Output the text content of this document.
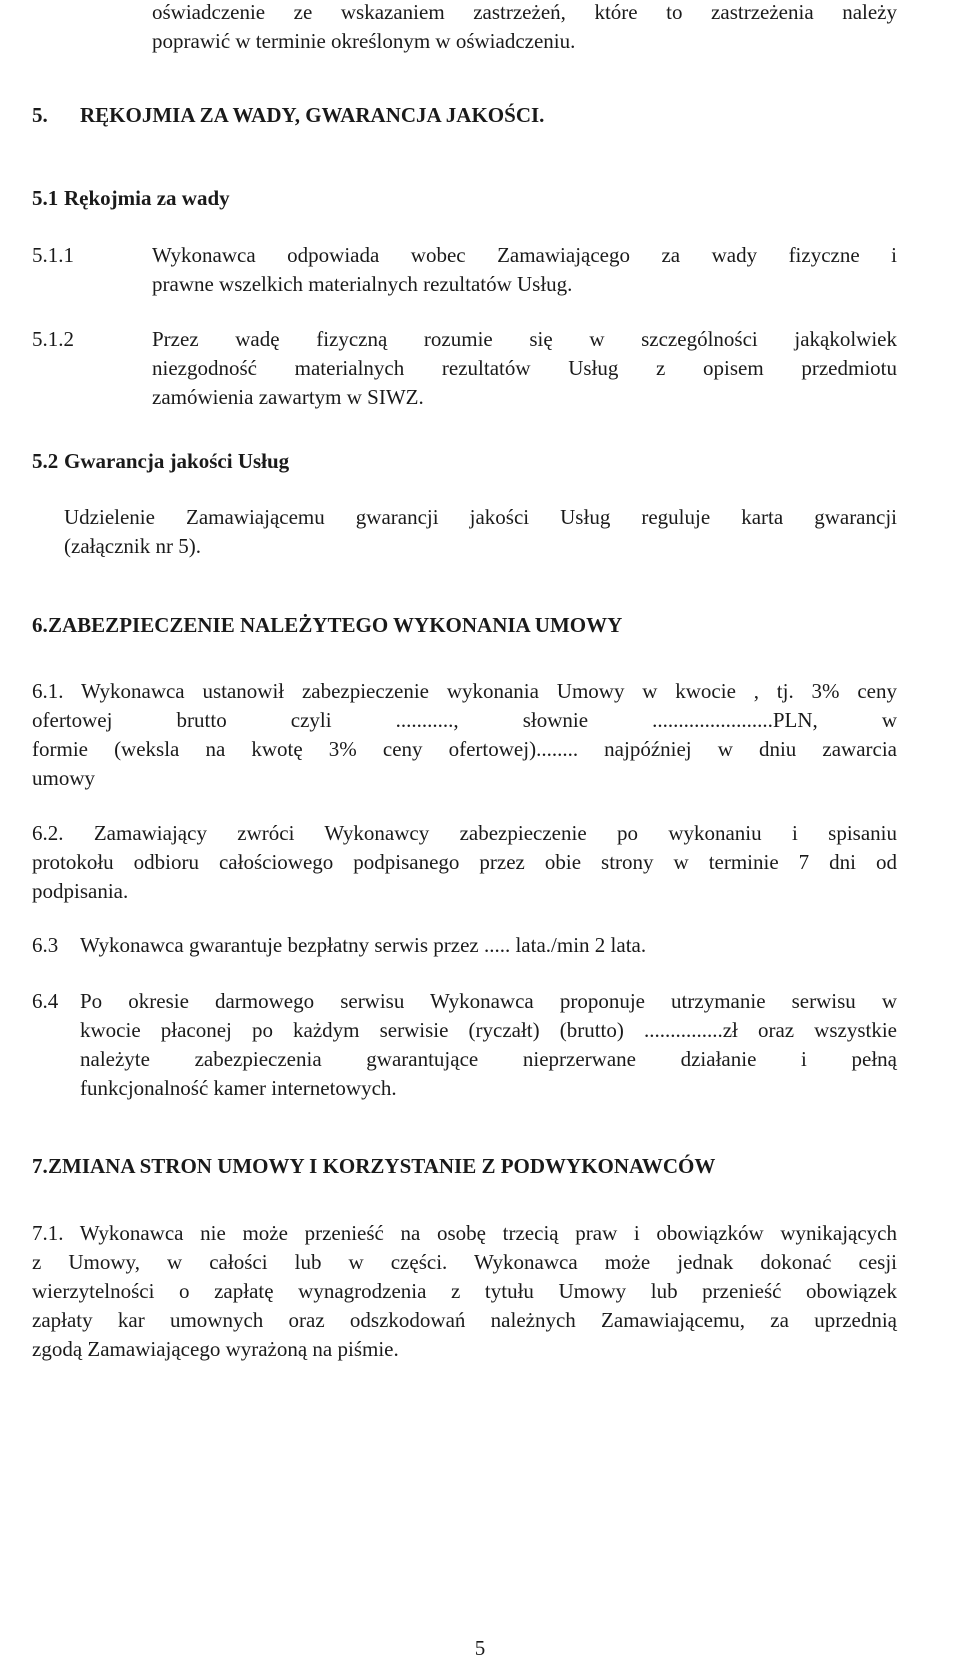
oświadczenie ze wskazaniem zastrzeżeń, które to zastrzeżenia należy
poprawić w terminie określonym w oświadczeniu.
5. RĘKOJMIA ZA WADY, GWARANCJA JAKOŚCI.
5.1 Rękojmia za wady
5.1.1	Wykonawca odpowiada wobec Zamawiającego za wady fizyczne i
prawne wszelkich materialnych rezultatów Usług.
5.1.2	Przez wadę fizyczną rozumie się w szczególności jakąkolwiek
niezgodność materialnych rezultatów Usług z opisem przedmiotu
zamówienia zawartym w SIWZ.
5.2 Gwarancja jakości Usług
Udzielenie Zamawiającemu gwarancji jakości Usług reguluje karta gwarancji
(załącznik nr 5).
6. ZABEZPIECZENIE NALEŻYTEGO WYKONANIA UMOWY
6.1. Wykonawca ustanowił zabezpieczenie wykonania Umowy w kwocie , tj. 3% ceny
ofertowej brutto czyli ..........., słownie .......................PLN, w
formie (weksla na kwotę 3% ceny ofertowej)........ najpóźniej w dniu zawarcia
umowy
6.2. Zamawiający zwróci Wykonawcy zabezpieczenie po wykonaniu i spisaniu
protokołu odbioru całościowego podpisanego przez obie strony w terminie 7 dni od
podpisania.
6.3 Wykonawca gwarantuje bezpłatny serwis przez ..... lata./min 2 lata.
6.4 Po okresie darmowego serwisu Wykonawca proponuje utrzymanie serwisu w
kwocie płaconej po każdym serwisie (ryczałt) (brutto) ...............zł oraz wszystkie
należyte zabezpieczenia gwarantujące nieprzerwane działanie i pełną
funkcjonalność kamer internetowych.
7. ZMIANA STRON UMOWY I KORZYSTANIE Z PODWYKONAWCÓW
7.1. Wykonawca nie może przenieść na osobę trzecią praw i obowiązków wynikających
z Umowy, w całości lub w części. Wykonawca może jednak dokonać cesji
wierzytelności o zapłatę wynagrodzenia z tytułu Umowy lub przenieść obowiązek
zapłaty kar umownych oraz odszkodowań należnych Zamawiającemu, za uprzednią
zgodą Zamawiającego wyrażoną na piśmie.
5
